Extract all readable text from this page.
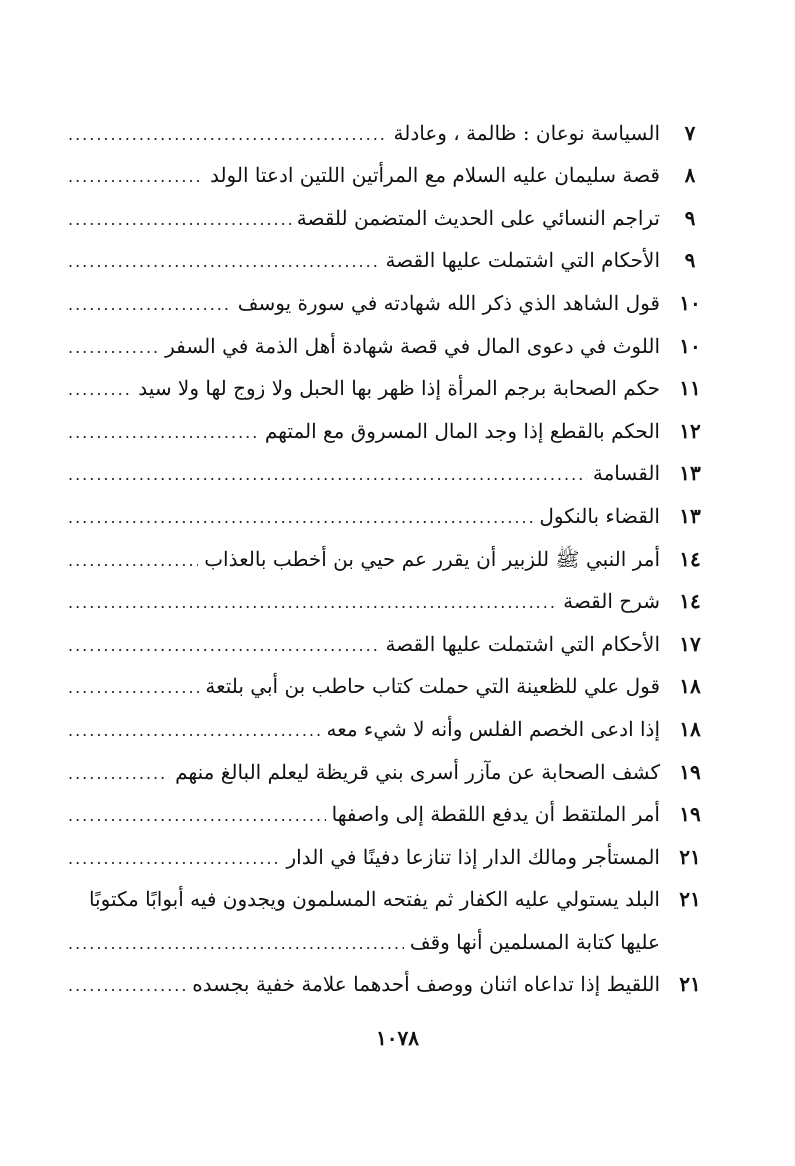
٧
السياسة نوعان : ظالمة ، وعادلة
.....
٨
قصة سليمان عليه السلام مع المرأتين اللتين ادعتا الولد
.....
٩
تراجم النسائي على الحديث المتضمن للقصة
.....
٩
الأحكام التي اشتملت عليها القصة
.....
١٠
قول الشاهد الذي ذكر الله شهادته في سورة يوسف
.....
١٠
اللوث في دعوى المال في قصة شهادة أهل الذمة في السفر
.....
١١
حكم الصحابة برجم المرأة إذا ظهر بها الحبل ولا زوج لها ولا سيد
.....
١٢
الحكم بالقطع إذا وجد المال المسروق مع المتهم
.....
١٣
القسامة
.....
١٣
القضاء بالنكول
.....
١٤
أمر النبي ﷺ للزبير أن يقرر عم حيي بن أخطب بالعذاب
.....
١٤
شرح القصة
.....
١٧
الأحكام التي اشتملت عليها القصة
.....
١٨
قول علي للظعينة التي حملت كتاب حاطب بن أبي بلتعة
.....
١٨
إذا ادعى الخصم الفلس وأنه لا شيء معه
.....
١٩
كشف الصحابة عن مآزر أسرى بني قريظة ليعلم البالغ منهم
.....
١٩
أمر الملتقط أن يدفع اللقطة إلى واصفها
.....
٢١
المستأجر ومالك الدار إذا تنازعا دفينًا في الدار
.....
٢١
البلد يستولي عليه الكفار ثم يفتحه المسلمون ويجدون فيه أبوابًا مكتوبًا
عليها كتابة المسلمين أنها وقف
.....
٢١
اللقيط إذا تداعاه اثنان ووصف أحدهما علامة خفية بجسده
.....
١٠٧٨
